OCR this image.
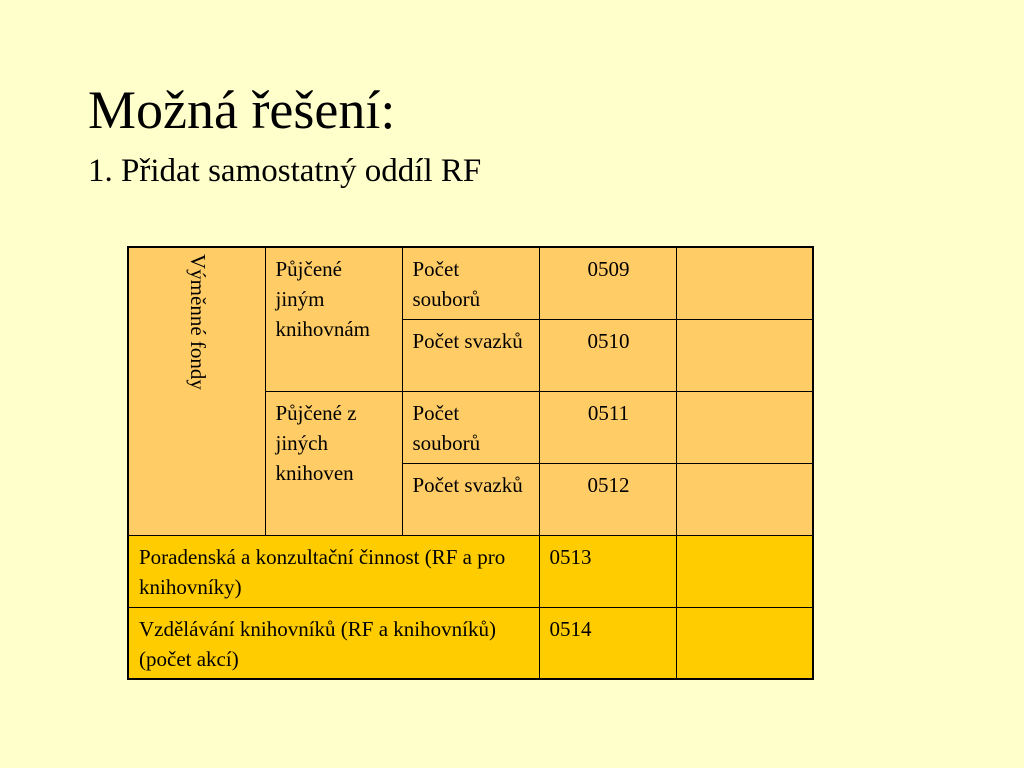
Možná řešení:
1. Přidat samostatný oddíl RF
Výměnné fondy	Půjčené jiným knihovnám	Počet souborů	0509	
		Počet svazků	0510	
	Půjčené z jiných knihoven	Počet souborů	0511	
		Počet svazků	0512	
Poradenská a konzultační činnost (RF a pro knihovníky)			0513	
Vzdělávání knihovníků (RF a knihovníků) (počet akcí)			0514	
